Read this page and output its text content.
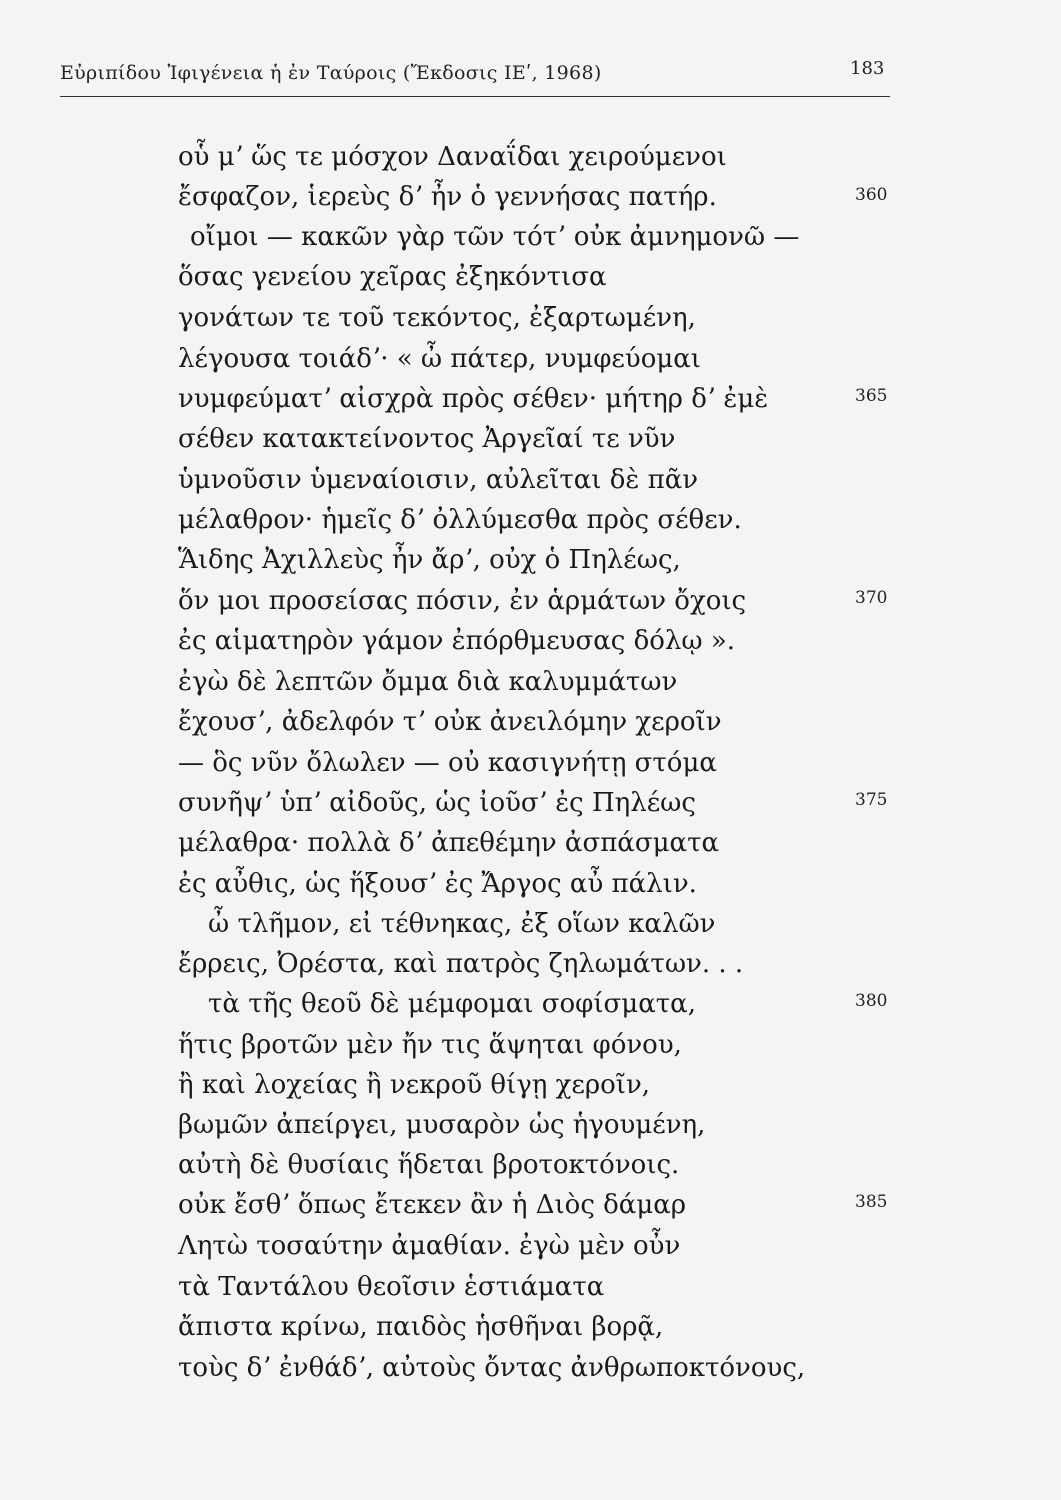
Εὐριπίδου Ἰφιγένεια ἡ ἐν Ταύροις (Ἔκδοσις ΙΕʹ, 1968)	183
οὗ μʼ ὥς τε μόσχον Δαναΐδαι χειρούμενοι
ἔσφαζον, ἱερεὺς δʼ ἦν ὁ γεννήσας πατήρ.
οἴμοι — κακῶν γὰρ τῶν τότʼ οὐκ ἀμνημονῶ —
ὅσας γενείου χεῖρας ἐξηκόντισα
γονάτων τε τοῦ τεκόντος, ἐξαρτωμένη,
λέγουσα τοιάδʼ· « ὦ πάτερ, νυμφεύομαι
νυμφεύματʼ αἰσχρὰ πρὸς σέθεν· μήτηρ δʼ ἐμὲ
σέθεν κατακτείνοντος Ἀργεῖαί τε νῦν
ὑμνοῦσιν ὑμεναίοισιν, αὐλεῖται δὲ πᾶν
μέλαθρον· ἡμεῖς δʼ ὀλλύμεσθα πρὸς σέθεν.
Ἅιδης Ἀχιλλεὺς ἦν ἄρʼ, οὐχ ὁ Πηλέως,
ὅν μοι προσείσας πόσιν, ἐν ἁρμάτων ὄχοις
ἐς αἱματηρὸν γάμον ἐπόρθμευσας δόλῳ ».
ἐγὼ δὲ λεπτῶν ὄμμα διὰ καλυμμάτων
ἔχουσʼ, ἀδελφόν τʼ οὐκ ἀνειλόμην χεροῖν
— ὃς νῦν ὄλωλεν — οὐ κασιγνήτῃ στόμα
συνῆψʼ ὑπʼ αἰδοῦς, ὡς ἰοῦσʼ ἐς Πηλέως
μέλαθρα· πολλὰ δʼ ἀπεθέμην ἀσπάσματα
ἐς αὖθις, ὡς ἥξουσʼ ἐς Ἄργος αὖ πάλιν.
ὦ τλῆμον, εἰ τέθνηκας, ἐξ οἵων καλῶν
ἔρρεις, Ὀρέστα, καὶ πατρὸς ζηλωμάτων. . .
τὰ τῆς θεοῦ δὲ μέμφομαι σοφίσματα,
ἥτις βροτῶν μὲν ἤν τις ἅψηται φόνου,
ἢ καὶ λοχείας ἢ νεκροῦ θίγῃ χεροῖν,
βωμῶν ἀπείργει, μυσαρὸν ὡς ἡγουμένη,
αὐτὴ δὲ θυσίαις ἥδεται βροτοκτόνοις.
οὐκ ἔσθʼ ὅπως ἔτεκεν ἂν ἡ Διὸς δάμαρ
Λητὼ τοσαύτην ἀμαθίαν. ἐγὼ μὲν οὖν
τὰ Ταντάλου θεοῖσιν ἑστιάματα
ἄπιστα κρίνω, παιδὸς ἡσθῆναι βορᾷ,
τοὺς δʼ ἐνθάδʼ, αὐτοὺς ὄντας ἀνθρωποκτόνους,
360
365
370
375
380
385
